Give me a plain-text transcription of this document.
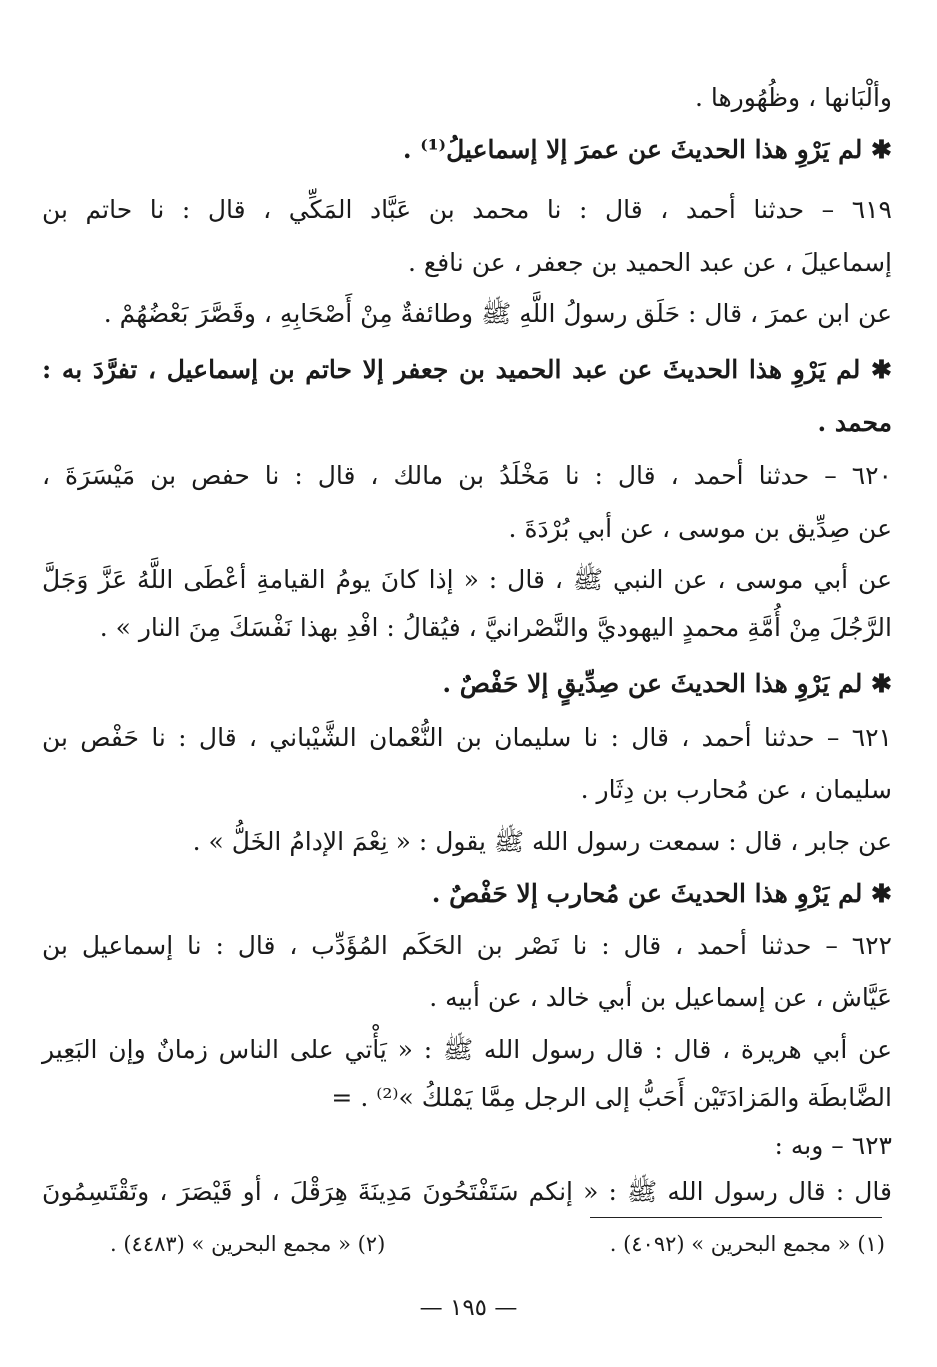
وألْبَانها ، وظُهُورها .
✱ لم يَرْوِ هذا الحديثَ عن عمرَ إلا إسماعيلُ⁽¹⁾ .
٦١٩ – حدثنا أحمد ، قال : نا محمد بن عَبَّاد المَكِّي ، قال : نا حاتم بن
إسماعيلَ ، عن عبد الحميد بن جعفر ، عن نافع .
عن ابن عمرَ ، قال : حَلَق رسولُ اللَّهِ ﷺ وطائفةٌ مِنْ أَصْحَابِهِ ، وقَصَّرَ بَعْضُهُمْ .
✱ لم يَرْوِ هذا الحديثَ عن عبد الحميد بن جعفر إلا حاتم بن إسماعيل ، تفرَّدَ به :
محمد .
٦٢٠ – حدثنا أحمد ، قال : نا مَخْلَدُ بن مالك ، قال : نا حفص بن مَيْسَرَةَ ،
عن صِدِّيق بن موسى ، عن أبي بُرْدَةَ .
عن أبي موسى ، عن النبي ﷺ ، قال : « إذا كانَ يومُ القيامةِ أعْطَى اللَّهُ عَزَّ وَجَلَّ
الرَّجُلَ مِنْ أُمَّةِ محمدٍ اليهوديَّ والنَّصْرانيَّ ، فيُقالُ : افْدِ بهذا نَفْسَكَ مِنَ النار » .
✱ لم يَرْوِ هذا الحديثَ عن صِدِّيقٍ إلا حَفْصٌ .
٦٢١ – حدثنا أحمد ، قال : نا سليمان بن النُّعْمان الشَّيْباني ، قال : نا حَفْص بن
سليمان ، عن مُحارب بن دِثَار .
عن جابر ، قال : سمعت رسول الله ﷺ يقول : « نِعْمَ الإدامُ الخَلُّ » .
✱ لم يَرْوِ هذا الحديثَ عن مُحارب إلا حَفْصٌ .
٦٢٢ – حدثنا أحمد ، قال : نا نَصْر بن الحَكَم المُؤَدِّب ، قال : نا إسماعيل بن
عَيَّاش ، عن إسماعيل بن أبي خالد ، عن أبيه .
عن أبي هريرة ، قال : قال رسول الله ﷺ : « يَأْتي على الناس زمانٌ وإن البَعِير
الضَّابطَة والمَزادَتَيْن أَحَبُّ إلى الرجل مِمَّا يَمْلكُ »⁽²⁾ . =
٦٢٣ – وبه :
قال : قال رسول الله ﷺ : « إنكم سَتَفْتَحُونَ مَدِينَةَ هِرَقْلَ ، أو قَيْصَرَ ، وتَقْتَسِمُونَ
(١) « مجمع البحرين » (٤٠٩٢) .
(٢) « مجمع البحرين » (٤٤٨٣) .
— ١٩٥ —
